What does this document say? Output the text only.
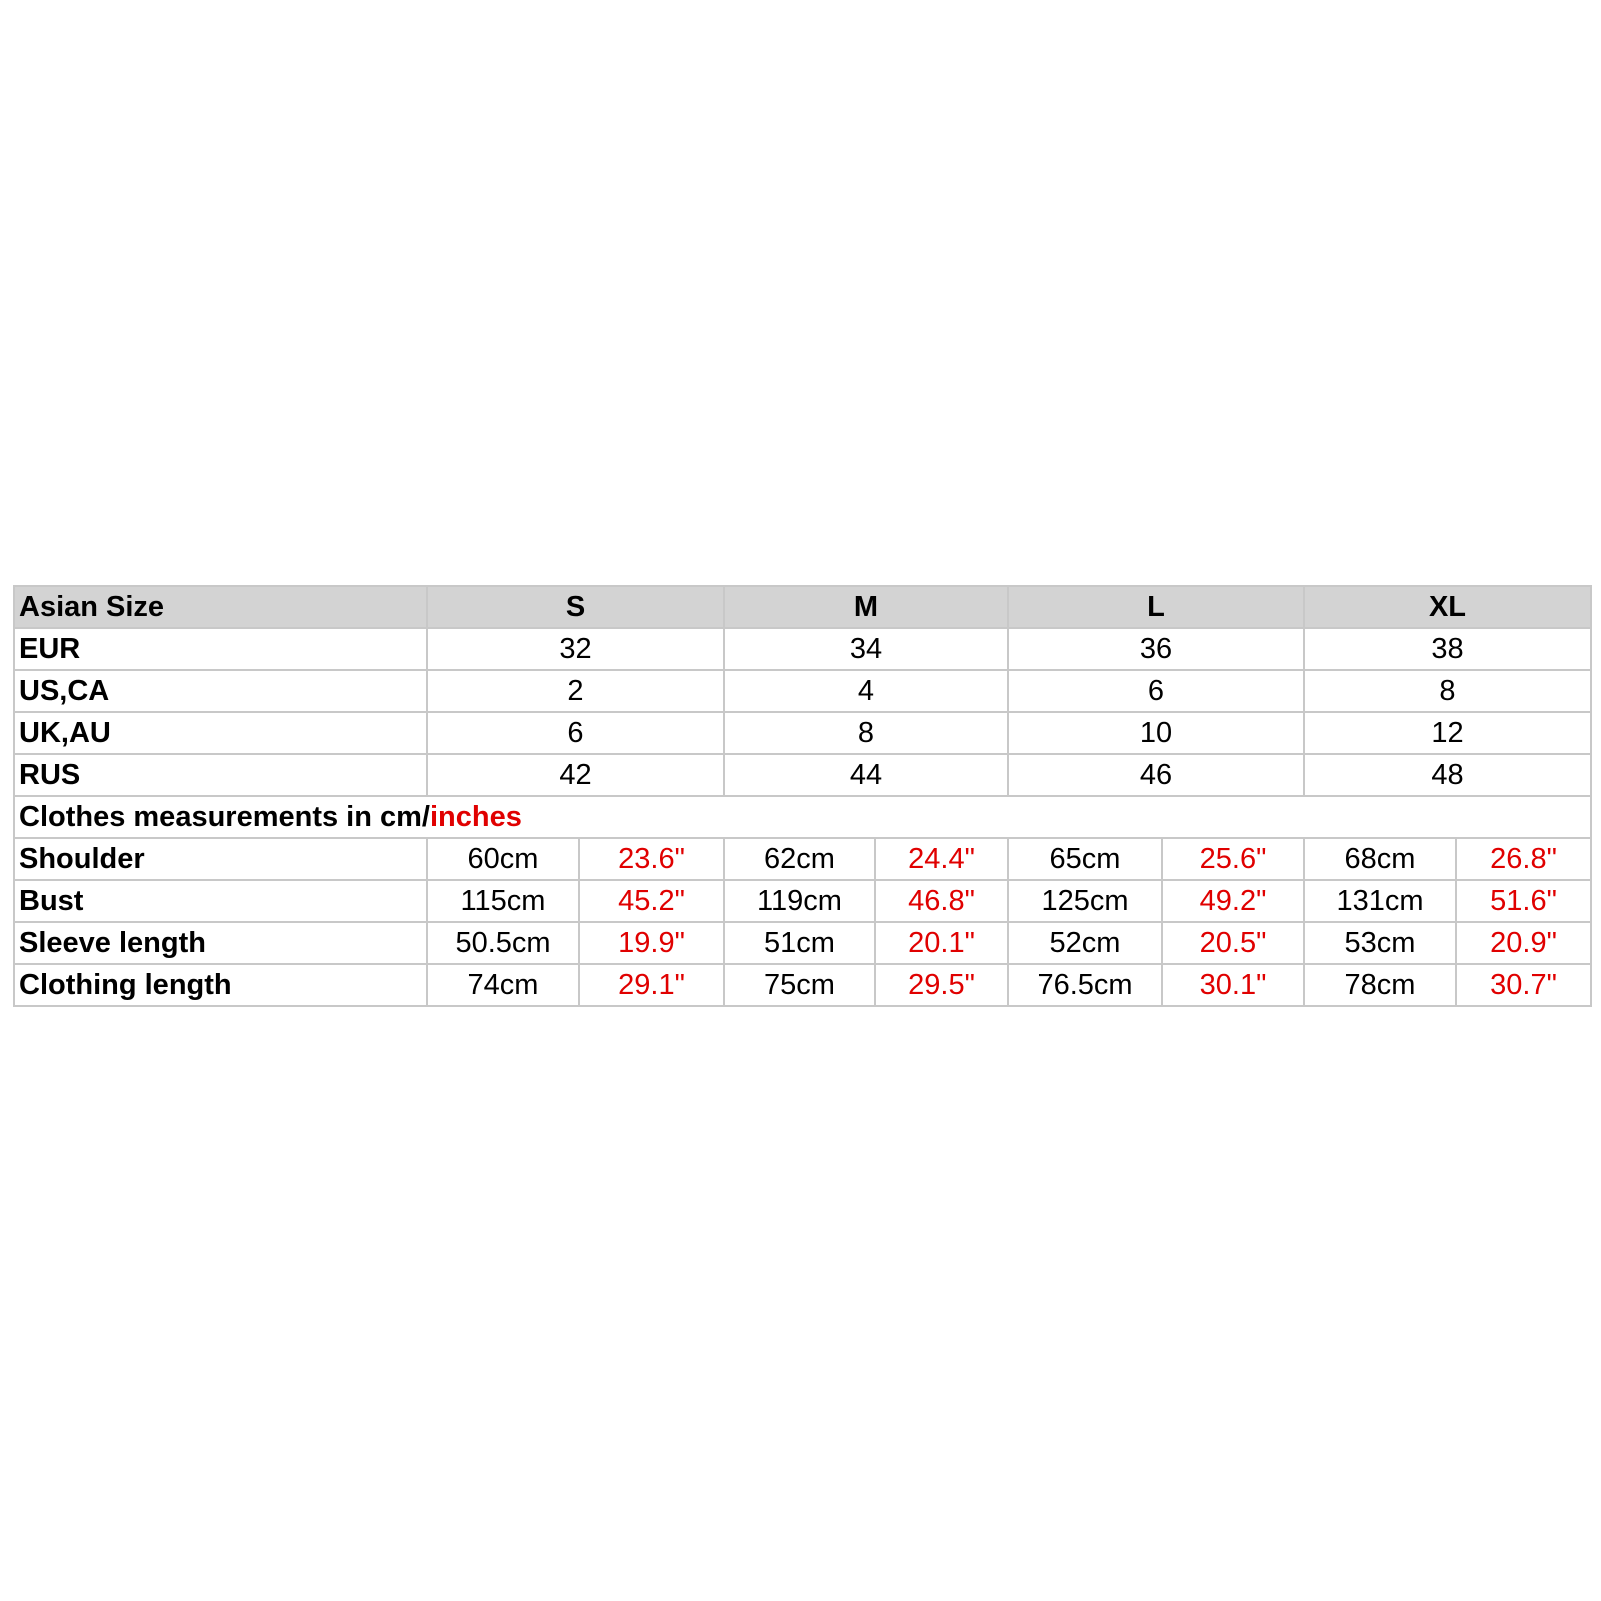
Asian Size	S		M		L		XL	
EUR	32		34		36		38	
US,CA	2		4		6		8	
UK,AU	6		8		10		12	
RUS	42		44		46		48	
Clothes measurements in cm/inches								
Shoulder	60cm	23.6"	62cm	24.4"	65cm	25.6"	68cm	26.8"
Bust	115cm	45.2"	119cm	46.8"	125cm	49.2"	131cm	51.6"
Sleeve length	50.5cm	19.9"	51cm	20.1"	52cm	20.5"	53cm	20.9"
Clothing length	74cm	29.1"	75cm	29.5"	76.5cm	30.1"	78cm	30.7"
